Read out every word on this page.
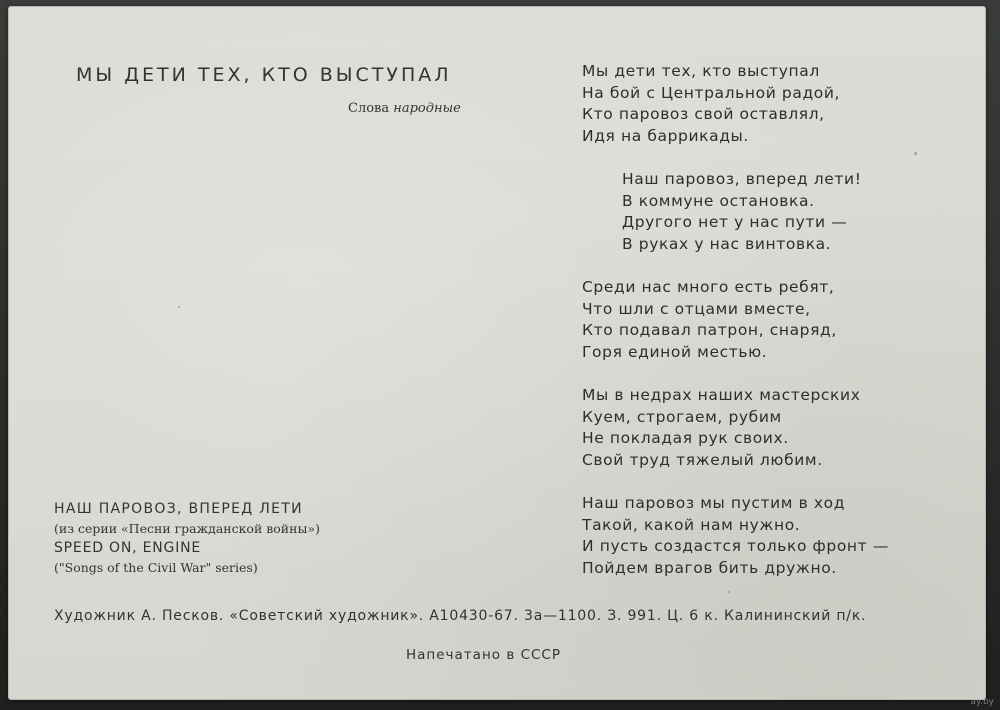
МЫ ДЕТИ ТЕХ, КТО ВЫСТУПАЛ
Слова народные
Мы дети тех, кто выступал
На бой с Центральной радой,
Кто паровоз свой оставлял,
Идя на баррикады.
Наш паровоз, вперед лети!
В коммуне остановка.
Другого нет у нас пути —
В руках у нас винтовка.
Среди нас много есть ребят,
Что шли с отцами вместе,
Кто подавал патрон, снаряд,
Горя единой местью.
Мы в недрах наших мастерских
Куем, строгаем, рубим
Не покладая рук своих.
Свой труд тяжелый любим.
Наш паровоз мы пустим в ход
Такой, какой нам нужно.
И пусть создастся только фронт —
Пойдем врагов бить дружно.
НАШ ПАРОВОЗ, ВПЕРЕД ЛЕТИ
(из серии «Песни гражданской войны»)
SPEED ON, ENGINE
("Songs of the Civil War" series)
Художник А. Песков. «Советский художник». А10430-67. 3а—1100. З. 991. Ц. 6 к. Калининский п/к.
Напечатано в СССР
ay.by
